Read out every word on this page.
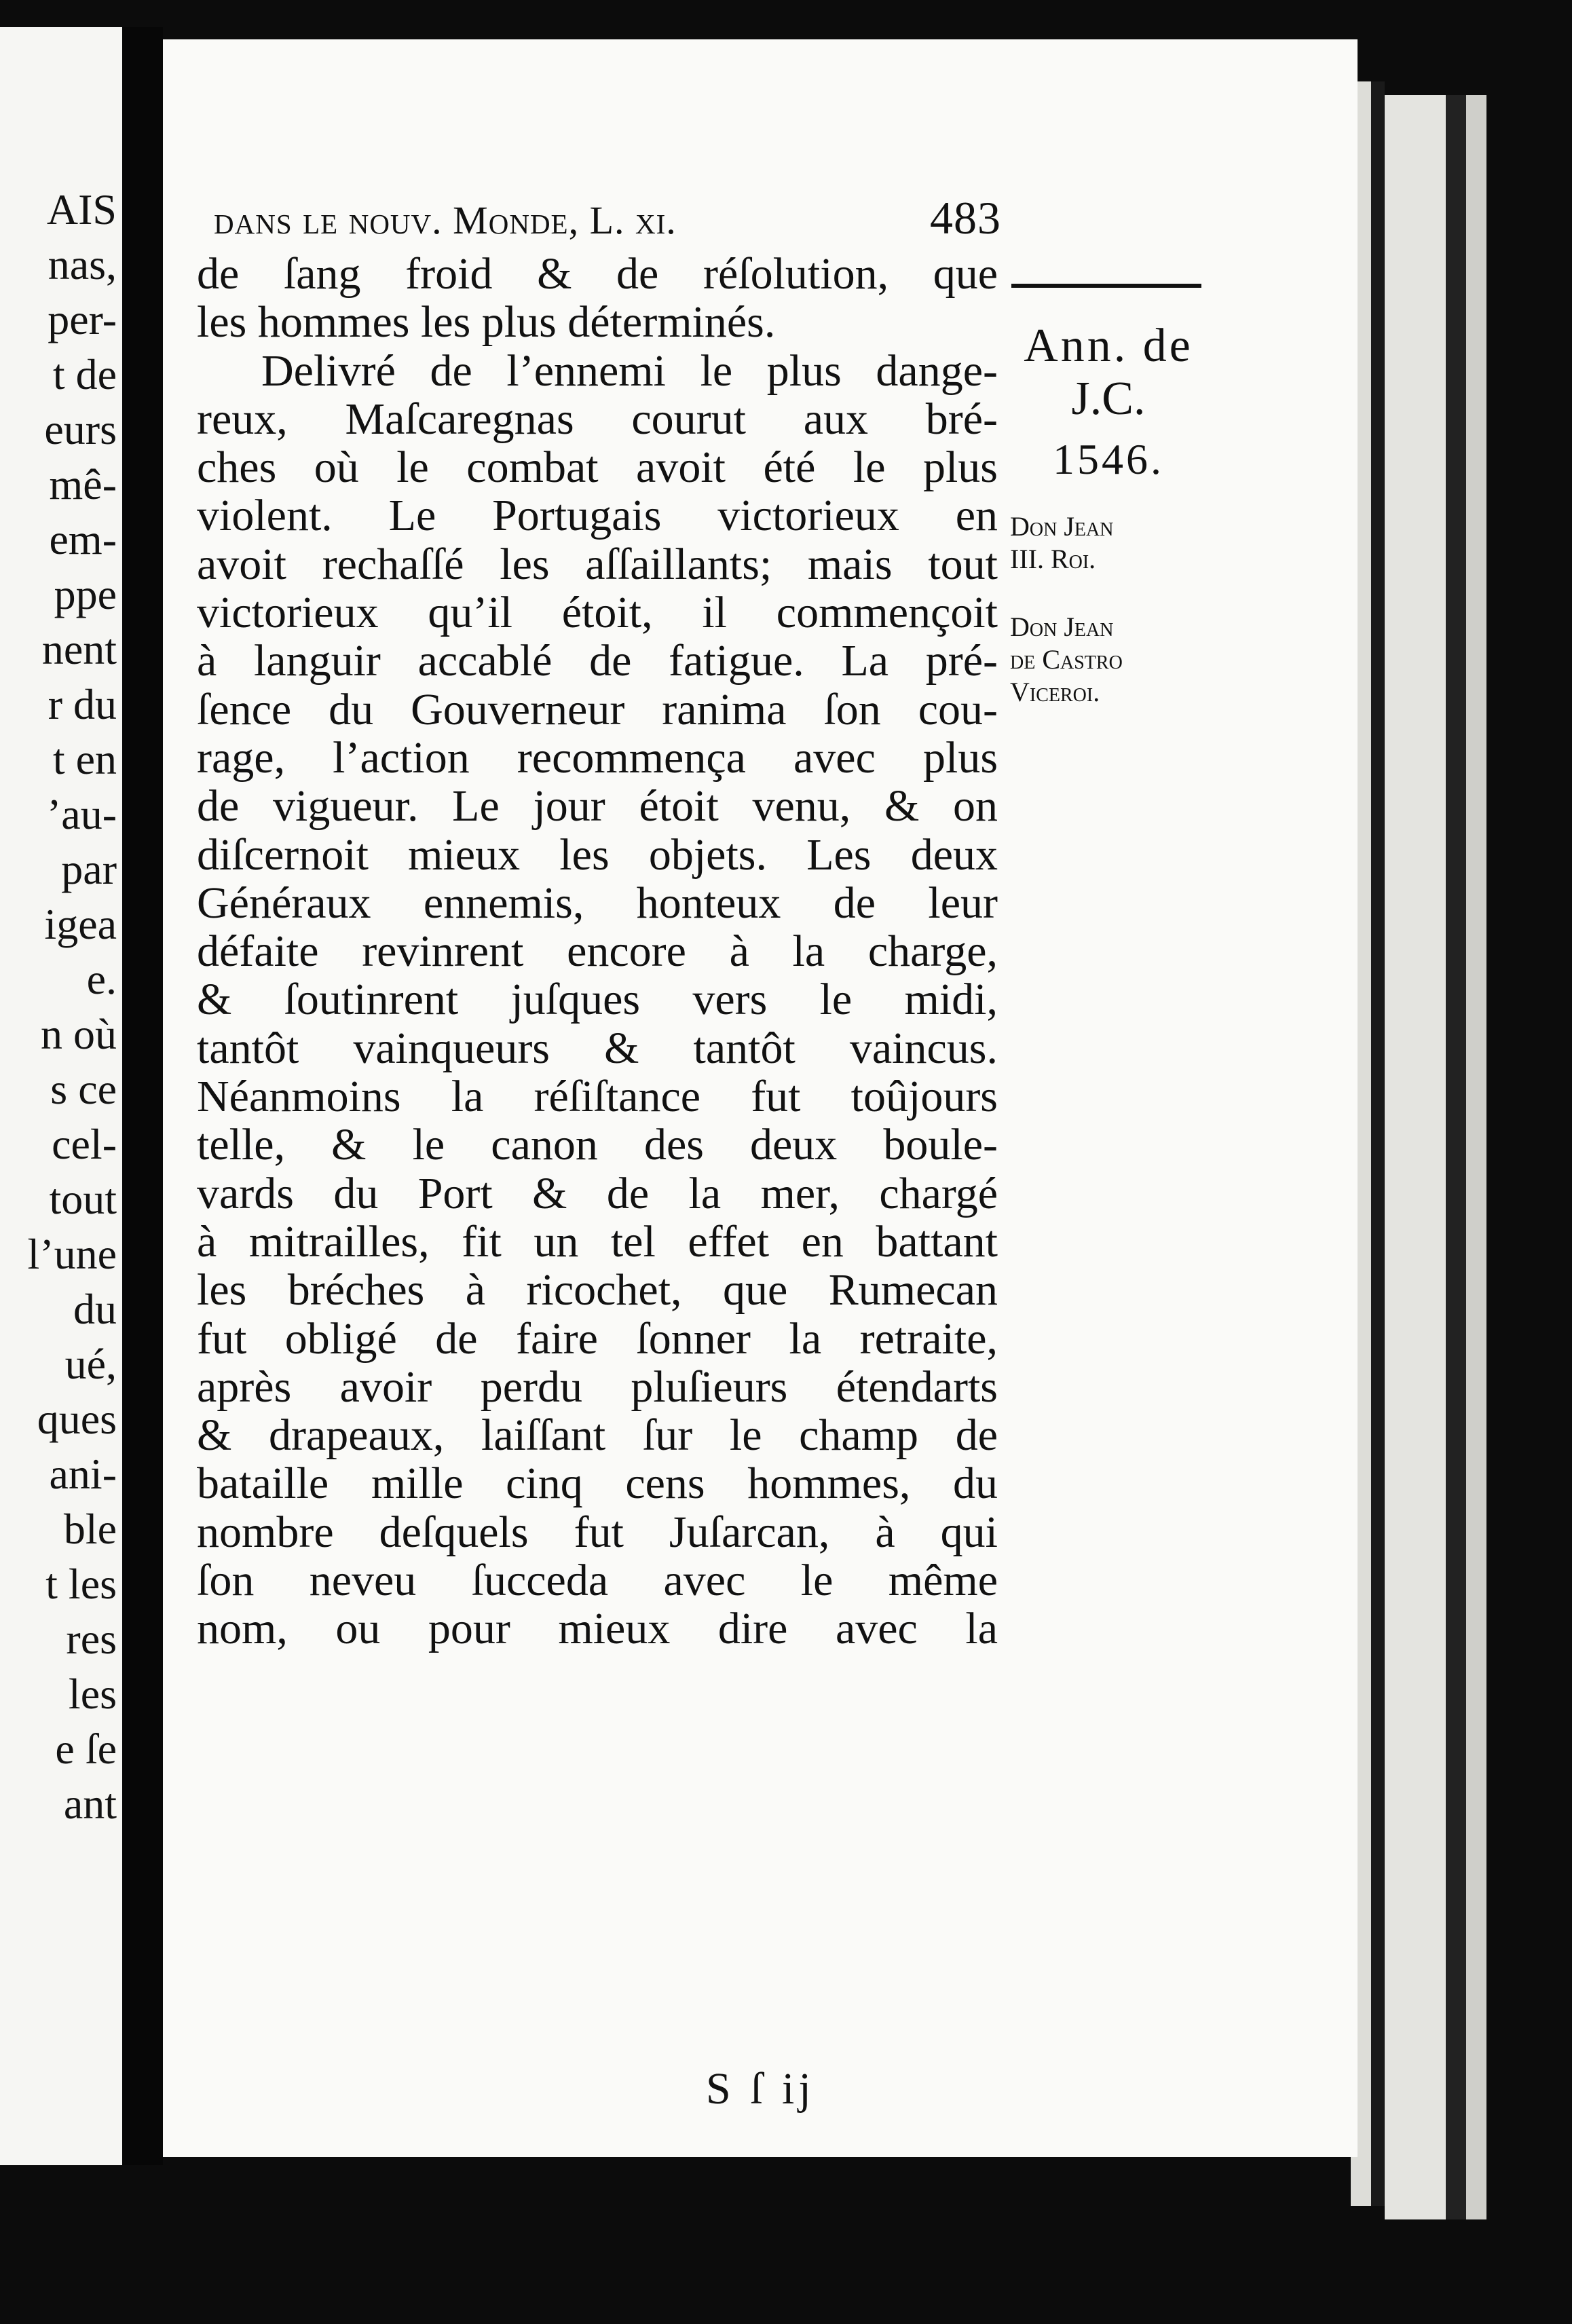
AIS
nas,
per-
t de
eurs
mê-
em-
ppe
nent
r du
t en
’au-
par
igea
e.
n où
s ce
cel-
tout
l’une
du
ué,
ques
ani-
ble
t les
res
les
e ſe
ant
dans le nouv. Monde, L. xi.	483
de ſang froid & de réſolution, que
les hommes les plus déterminés.
Delivré de l’ennemi le plus dange-
reux, Maſcaregnas courut aux bré-
ches où le combat avoit été le plus
violent. Le Portugais victorieux en
avoit rechaſſé les aſſaillants; mais tout
victorieux qu’il étoit, il commençoit
à languir accablé de fatigue. La pré-
ſence du Gouverneur ranima ſon cou-
rage, l’action recommença avec plus
de vigueur. Le jour étoit venu, & on
diſcernoit mieux les objets. Les deux
Généraux ennemis, honteux de leur
défaite revinrent encore à la charge,
& ſoutinrent juſques vers le midi,
tantôt vainqueurs & tantôt vaincus.
Néanmoins la réſiſtance fut toûjours
telle, & le canon des deux boule-
vards du Port & de la mer, chargé
à mitrailles, fit un tel effet en battant
les bréches à ricochet, que Rumecan
fut obligé de faire ſonner la retraite,
après avoir perdu pluſieurs étendarts
& drapeaux, laiſſant ſur le champ de
bataille mille cinq cens hommes, du
nombre deſquels fut Juſarcan, à qui
ſon neveu ſucceda avec le même
nom, ou pour mieux dire avec la
Ann. de
J.C.
1546.
Don Jean
III. Roi.
Don Jean
de Castro
Viceroi.
S ſ ij
